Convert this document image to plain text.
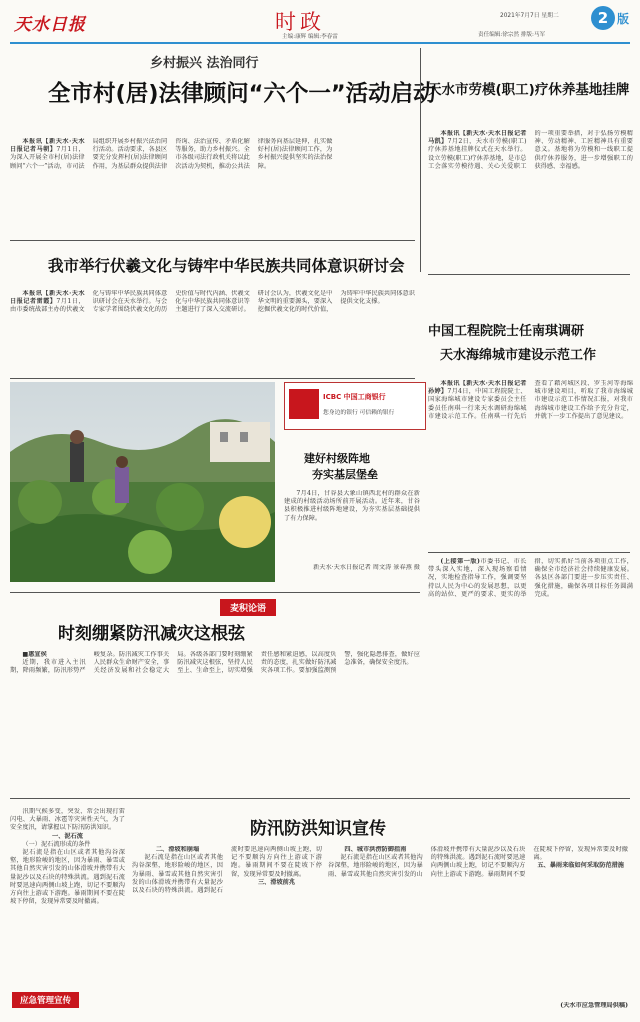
天水日报	时政
主编:康辉 编辑:李春雷
2021年7月7日 星期二
责任编辑:徐宗然 排版:马军
2 版
乡村振兴 法治同行
全市村(居)法律顾问“六个一”活动启动

本报讯【新天水·天水日报记者马朝】7月1日，为深入开展全市村(居)法律顾问“六个一”活动，市司法局组织开展乡村振兴法治同行活动。活动要求，各县区要充分发挥村(居)法律顾问作用，为基层群众提供法律咨询、法治宣传、矛盾化解等服务，助力乡村振兴。全市各级司法行政机关将以此次活动为契机，推动公共法律服务向基层延伸，扎实做好村(居)法律顾问工作，为乡村振兴提供坚实的法治保障。

天水市劳模(职工)疗休养基地挂牌

本报讯【新天水·天水日报记者马凯】7月2日，天水市劳模(职工)疗休养基地挂牌仪式在天水举行。设立劳模(职工)疗休养基地，是市总工会落实劳模待遇、关心关爱职工的一项重要举措，对于弘扬劳模精神、劳动精神、工匠精神具有重要意义。基地将为劳模和一线职工提供疗休养服务，进一步增强职工的获得感、幸福感。

我市举行伏羲文化与铸牢中华民族共同体意识研讨会

本报讯【新天水·天水日报记者雷霞】7月1日，由市委统战部主办的伏羲文化与铸牢中华民族共同体意识研讨会在天水举行。与会专家学者围绕伏羲文化的历史价值与时代内涵、伏羲文化与中华民族共同体意识等主题进行了深入交流研讨。研讨会认为，伏羲文化是中华文明的重要源头，要深入挖掘伏羲文化的时代价值，为铸牢中华民族共同体意识提供文化支撑。

中国工程院院士任南琪调研
天水海绵城市建设示范工作

本报讯【新天水·天水日报记者孙婷】7月4日，中国工程院院士、国家海绵城市建设专家委员会主任委员任南琪一行来天水调研海绵城市建设示范工作。任南琪一行先后查看了藉河城区段、罗玉河等海绵城市建设项目，听取了我市海绵城市建设示范工作情况汇报，对我市海绵城市建设工作给予充分肯定，并就下一步工作提出了意见建议。

ICBC 中国工商银行
您身边的银行 可信赖的银行
建好村级阵地
夯实基层堡垒

7月4日，甘谷县大象山镇西北村的群众在新建成的村级活动场所前开展活动。近年来，甘谷县积极推进村级阵地建设，为夯实基层基础提供了有力保障。

新天水·天水日报记者 周文涛 景春燕 摄

(上接第一版)市委书记、市长带头深入实地，深入现场察看情况，实地检查指导工作，强调要坚持以人民为中心的发展思想，以更高的站位、更严的要求、更实的举措，切实抓好当前各项重点工作，确保全市经济社会持续健康发展。各县区各部门要进一步压实责任、强化措施，确保各项目标任务圆满完成。

麦积论语
时刻绷紧防汛减灾这根弦

■惠宣侯

近期，我市进入主汛期，降雨频繁，防汛形势严峻复杂。防汛减灾工作事关人民群众生命财产安全，事关经济发展和社会稳定大局。各级各部门要时刻绷紧防汛减灾这根弦，坚持人民至上、生命至上，切实增强责任感和紧迫感，以高度负责的态度，扎实做好防汛减灾各项工作。要加强监测预警，强化隐患排查，做好应急准备，确保安全度汛。

防汛防洪知识宣传

汛期气候多变，突发、常会出现打雷闪电、大暴雨、冰雹等灾害性天气，为了安全度汛，请掌握以下防汛防洪知识。

一、泥石流

（一）泥石流形成的条件

泥石流是指在山区或者其他沟谷深壑，地形险峻的地区，因为暴雨、暴雪或其他自然灾害引发的山体滑坡并携带有大量泥沙以及石块的特殊洪流。遇到泥石流时要迅速向两侧山坡上跑，切记不要顺沟方向往上游或下游跑。暴雨期间不要在陡坡下停留，发现异常要及时撤离。

二、滑坡和崩塌

泥石流是指在山区或者其他沟谷深壑，地形险峻的地区，因为暴雨、暴雪或其他自然灾害引发的山体滑坡并携带有大量泥沙以及石块的特殊洪流。遇到泥石流时要迅速向两侧山坡上跑，切记不要顺沟方向往上游或下游跑。暴雨期间不要在陡坡下停留，发现异常要及时撤离。

三、滑坡前兆

四、城市洪涝防御指南

泥石流是指在山区或者其他沟谷深壑，地形险峻的地区，因为暴雨、暴雪或其他自然灾害引发的山体滑坡并携带有大量泥沙以及石块的特殊洪流。遇到泥石流时要迅速向两侧山坡上跑，切记不要顺沟方向往上游或下游跑。暴雨期间不要在陡坡下停留，发现异常要及时撤离。

五、暴雨来临如何采取防范措施

应急管理宣传	(天水市应急管理局供稿)
